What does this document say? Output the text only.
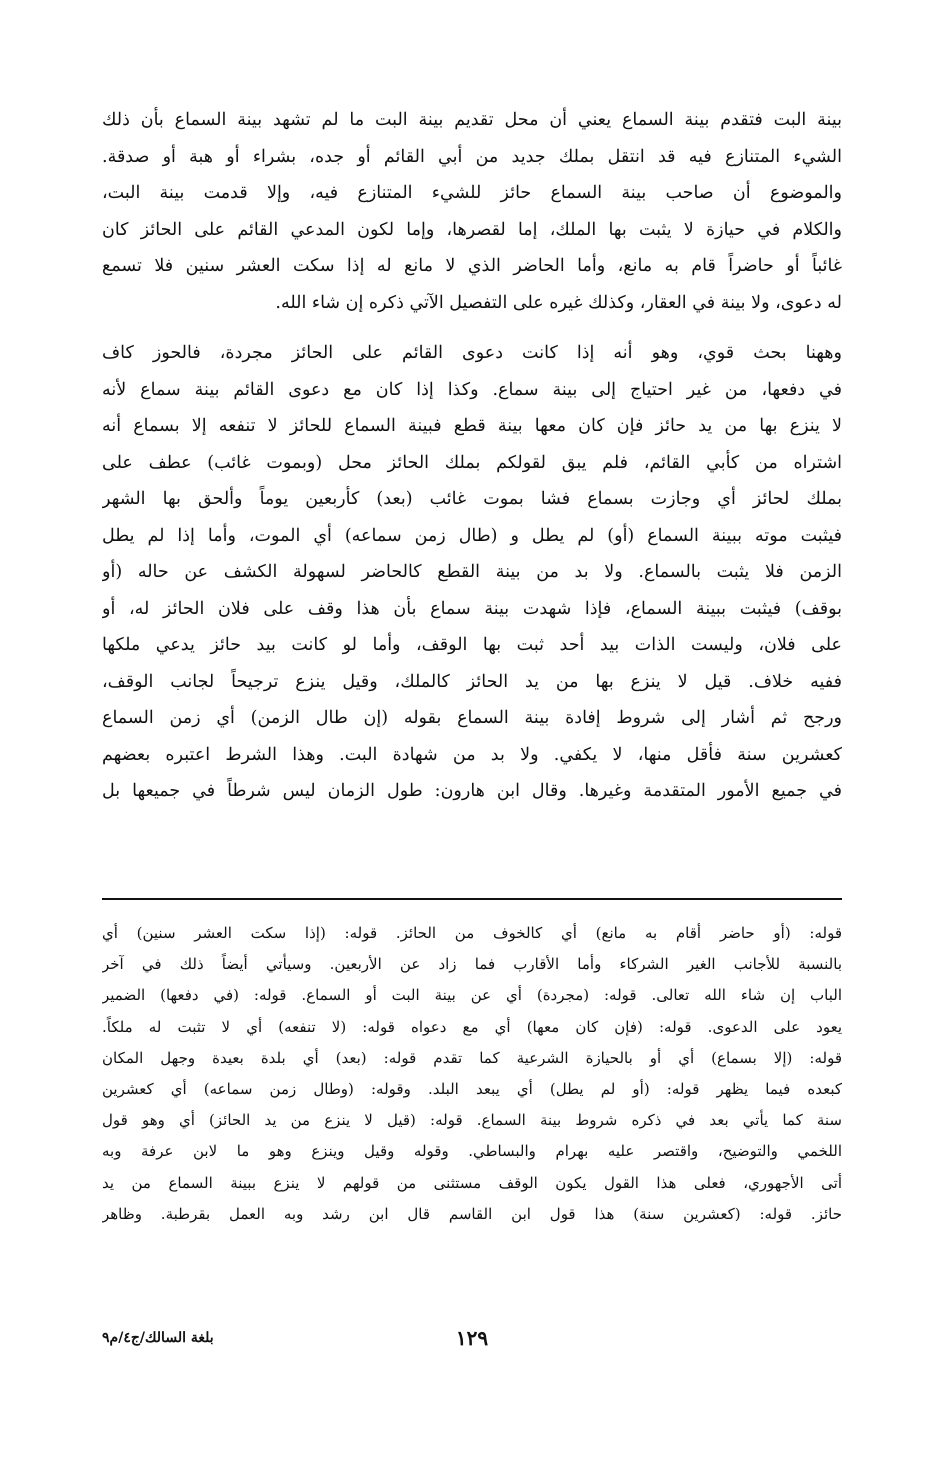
بينة البت فتقدم بينة السماع يعني أن محل تقديم بينة البت ما لم تشهد بينة السماع بأن ذلك
الشيء المتنازع فيه قد انتقل بملك جديد من أبي القائم أو جده، بشراء أو هبة أو صدقة.
والموضوع أن صاحب بينة السماع حائز للشيء المتنازع فيه، وإلا قدمت بينة البت،
والكلام في حيازة لا يثبت بها الملك، إما لقصرها، وإما لكون المدعي القائم على الحائز كان
غائباً أو حاضراً قام به مانع، وأما الحاضر الذي لا مانع له إذا سكت العشر سنين فلا تسمع
له دعوى، ولا بينة في العقار، وكذلك غيره على التفصيل الآتي ذكره إن شاء الله.
وههنا بحث قوي، وهو أنه إذا كانت دعوى القائم على الحائز مجردة، فالحوز كاف
في دفعها، من غير احتياج إلى بينة سماع. وكذا إذا كان مع دعوى القائم بينة سماع لأنه
لا ينزع بها من يد حائز فإن كان معها بينة قطع فبينة السماع للحائز لا تنفعه إلا بسماع أنه
اشتراه من كأبي القائم، فلم يبق لقولكم بملك الحائز محل (وبموت غائب) عطف على
بملك لحائز أي وجازت بسماع فشا بموت غائب (بعد) كأربعين يوماً وألحق بها الشهر
فيثبت موته ببينة السماع (أو) لم يطل و (طال زمن سماعه) أي الموت، وأما إذا لم يطل
الزمن فلا يثبت بالسماع. ولا بد من بينة القطع كالحاضر لسهولة الكشف عن حاله (أو
بوقف) فيثبت ببينة السماع، فإذا شهدت بينة سماع بأن هذا وقف على فلان الحائز له، أو
على فلان، وليست الذات بيد أحد ثبت بها الوقف، وأما لو كانت بيد حائز يدعي ملكها
ففيه خلاف. قيل لا ينزع بها من يد الحائز كالملك، وقيل ينزع ترجيحاً لجانب الوقف،
ورجح ثم أشار إلى شروط إفادة بينة السماع بقوله (إن طال الزمن) أي زمن السماع
كعشرين سنة فأقل منها، لا يكفي. ولا بد من شهادة البت. وهذا الشرط اعتبره بعضهم
في جميع الأمور المتقدمة وغيرها. وقال ابن هارون: طول الزمان ليس شرطاً في جميعها بل
قوله: (أو حاضر أقام به مانع) أي كالخوف من الحائز. قوله: (إذا سكت العشر سنين) أي
بالنسبة للأجانب الغير الشركاء وأما الأقارب فما زاد عن الأربعين. وسيأتي أيضاً ذلك في آخر
الباب إن شاء الله تعالى. قوله: (مجردة) أي عن بينة البت أو السماع. قوله: (في دفعها) الضمير
يعود على الدعوى. قوله: (فإن كان معها) أي مع دعواه قوله: (لا تنفعه) أي لا تثبت له ملكاً.
قوله: (إلا بسماع) أي أو بالحيازة الشرعية كما تقدم قوله: (بعد) أي بلدة بعيدة وجهل المكان
كبعده فيما يظهر قوله: (أو لم يطل) أي يبعد البلد. وقوله: (وطال زمن سماعه) أي كعشرين
سنة كما يأتي بعد في ذكره شروط بينة السماع. قوله: (قيل لا ينزع من يد الحائز) أي وهو قول
اللخمي والتوضيح، واقتصر عليه بهرام والبساطي. وقوله وقيل وينزع وهو ما لابن عرفة وبه
أتى الأجهوري، فعلى هذا القول يكون الوقف مستثنى من قولهم لا ينزع ببينة السماع من يد
حائز. قوله: (كعشرين سنة) هذا قول ابن القاسم قال ابن رشد وبه العمل بقرطبة. وظاهر
١٢٩
بلغة السالك/ج٤/م٩
